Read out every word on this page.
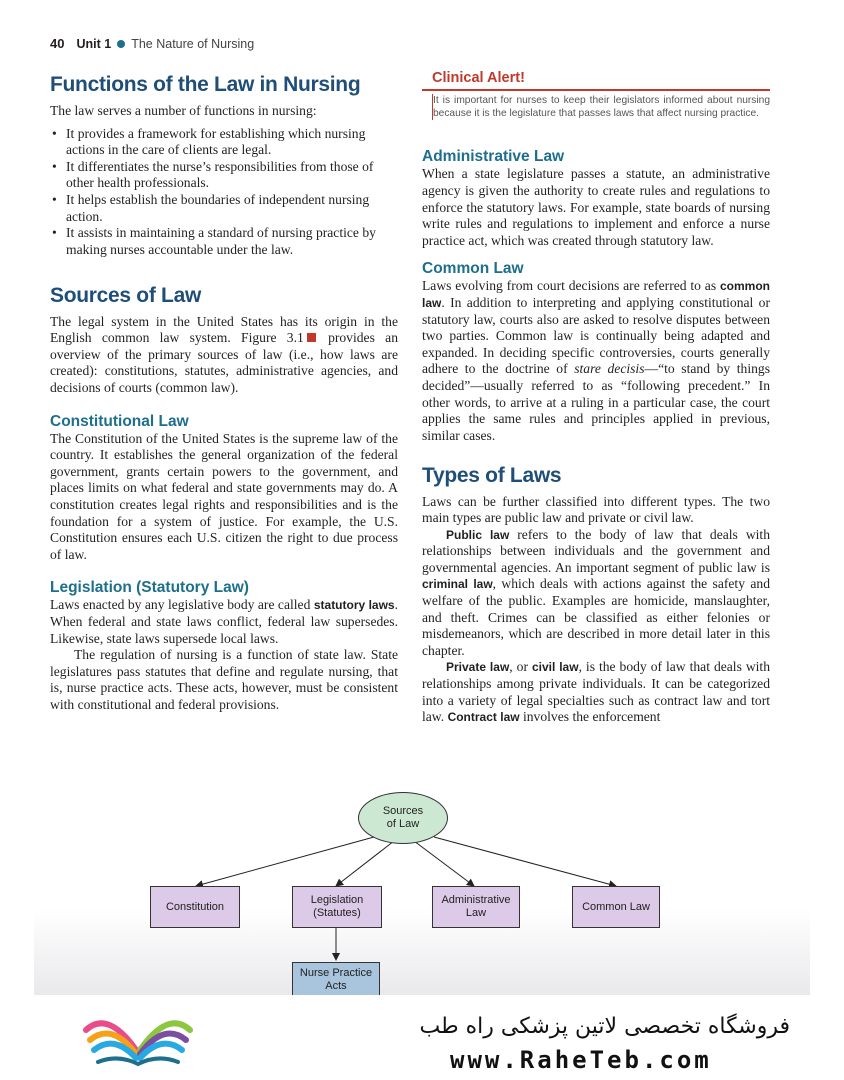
40 Unit 1 The Nature of Nursing
Functions of the Law in Nursing

The law serves a number of functions in nursing:

• It provides a framework for establishing which nursing actions in the care of clients are legal.
• It differentiates the nurse’s responsibilities from those of other health professionals.
• It helps establish the boundaries of independent nursing action.
• It assists in maintaining a standard of nursing practice by making nurses accountable under the law.
Sources of Law

The legal system in the United States has its origin in the English common law system. Figure 3.1 provides an overview of the primary sources of law (i.e., how laws are created): constitutions, statutes, administrative agencies, and decisions of courts (common law).

Constitutional Law

The Constitution of the United States is the supreme law of the country. It establishes the general organization of the federal government, grants certain powers to the government, and places limits on what federal and state governments may do. A constitution creates legal rights and responsibilities and is the foundation for a system of justice. For example, the U.S. Constitution ensures each U.S. citizen the right to due process of law.

Legislation (Statutory Law)

Laws enacted by any legislative body are called statutory laws. When federal and state laws conflict, federal law supersedes. Likewise, state laws supersede local laws.

The regulation of nursing is a function of state law. State legislatures pass statutes that define and regulate nursing, that is, nurse practice acts. These acts, however, must be consistent with constitutional and federal provisions.

Clinical Alert!

It is important for nurses to keep their legislators informed about nursing because it is the legislature that passes laws that affect nursing practice.

Administrative Law

When a state legislature passes a statute, an administrative agency is given the authority to create rules and regulations to enforce the statutory laws. For example, state boards of nursing write rules and regulations to implement and enforce a nurse practice act, which was created through statutory law.

Common Law

Laws evolving from court decisions are referred to as common law. In addition to interpreting and applying constitutional or statutory law, courts also are asked to resolve disputes between two parties. Common law is continually being adapted and expanded. In deciding specific controversies, courts generally adhere to the doctrine of stare decisis—“to stand by things decided”—usually referred to as “following precedent.” In other words, to arrive at a ruling in a particular case, the court applies the same rules and principles applied in previous, similar cases.

Types of Laws

Laws can be further classified into different types. The two main types are public law and private or civil law.

Public law refers to the body of law that deals with relationships between individuals and the government and governmental agencies. An important segment of public law is criminal law, which deals with actions against the safety and welfare of the public. Examples are homicide, manslaughter, and theft. Crimes can be classified as either felonies or misdemeanors, which are described in more detail later in this chapter.

Private law, or civil law, is the body of law that deals with relationships among private individuals. It can be categorized into a variety of legal specialties such as contract law and tort law. Contract law involves the enforcement

Sources
of Law
Constitution
Legislation
(Statutes)
Administrative
Law
Common Law
Nurse Practice
Acts
فروشگاه تخصصی لاتین پزشکی راه طب
www.RaheTeb.com
